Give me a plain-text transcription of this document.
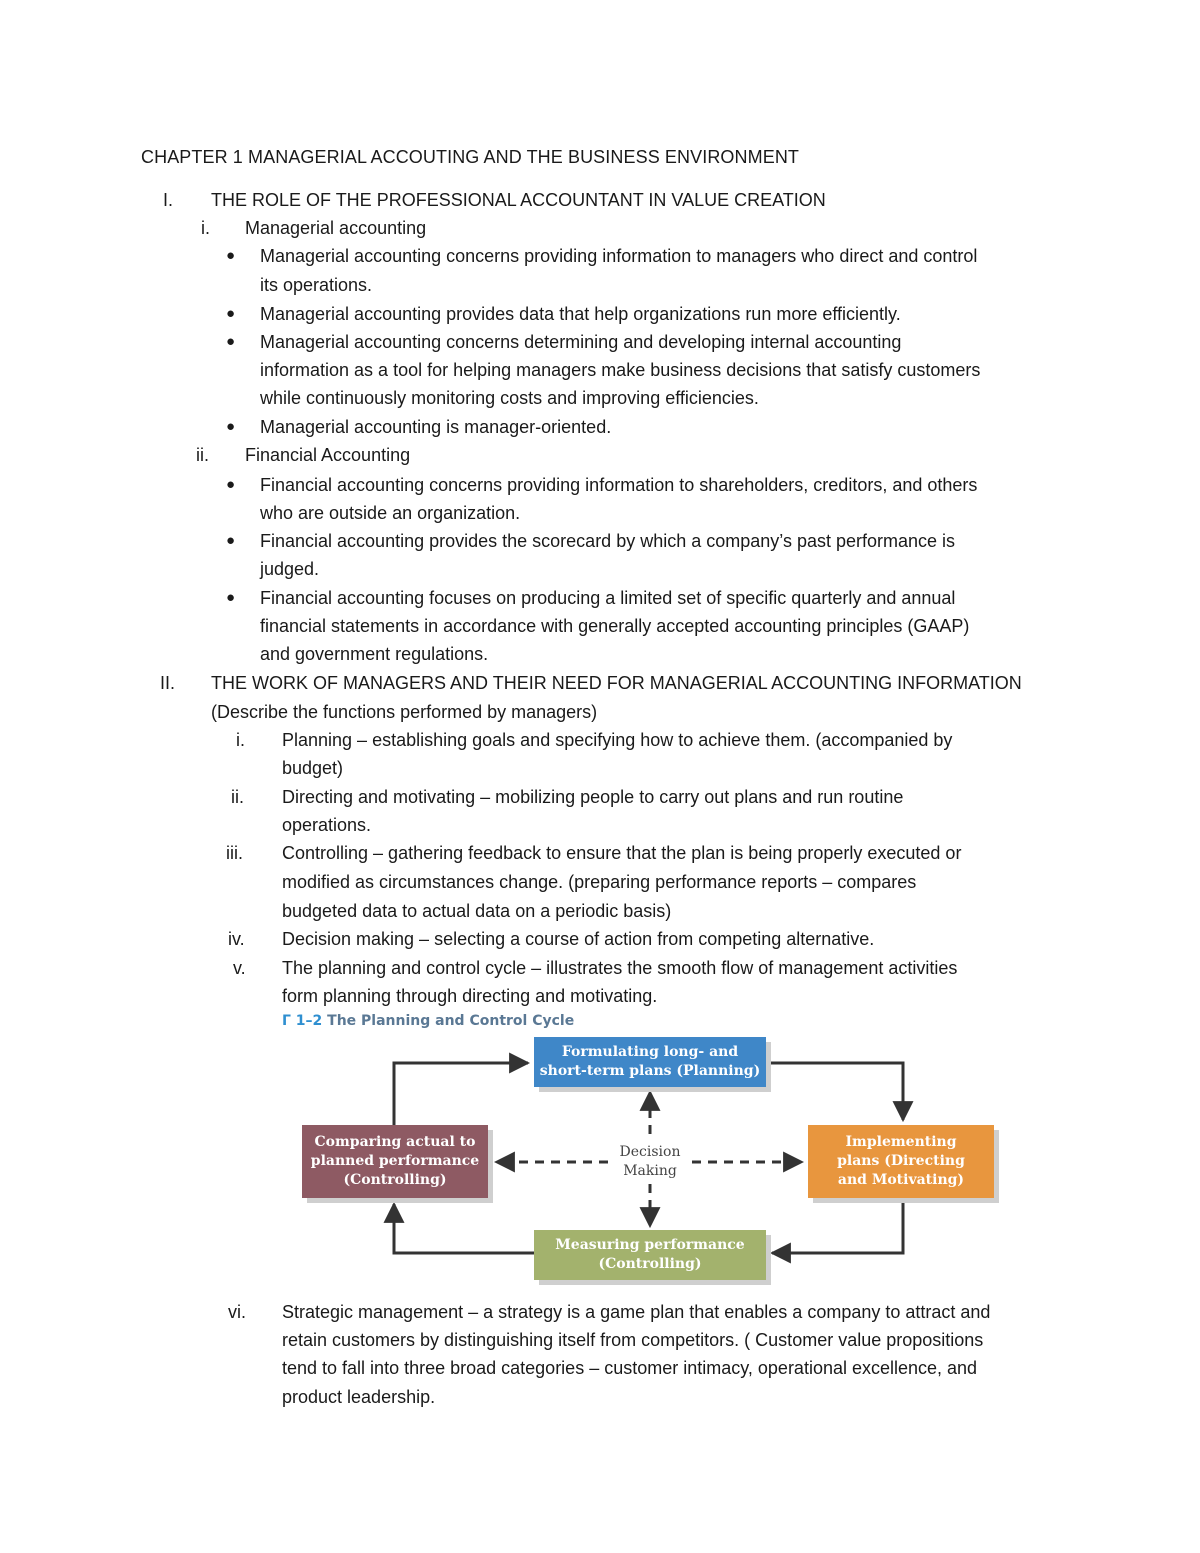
CHAPTER 1 MANAGERIAL ACCOUTING AND THE BUSINESS ENVIRONMENT
I. THE ROLE OF THE PROFESSIONAL ACCOUNTANT IN VALUE CREATION
i. Managerial accounting
● Managerial accounting concerns providing information to managers who direct and control
its operations.
● Managerial accounting provides data that help organizations run more efficiently.
● Managerial accounting concerns determining and developing internal accounting
information as a tool for helping managers make business decisions that satisfy customers
while continuously monitoring costs and improving efficiencies.
● Managerial accounting is manager-oriented.
ii. Financial Accounting
● Financial accounting concerns providing information to shareholders, creditors, and others
who are outside an organization.
● Financial accounting provides the scorecard by which a company’s past performance is
judged.
● Financial accounting focuses on producing a limited set of specific quarterly and annual
financial statements in accordance with generally accepted accounting principles (GAAP)
and government regulations.
II. THE WORK OF MANAGERS AND THEIR NEED FOR MANAGERIAL ACCOUNTING INFORMATION
(Describe the functions performed by managers)
i. Planning – establishing goals and specifying how to achieve them. (accompanied by
budget)
ii. Directing and motivating – mobilizing people to carry out plans and run routine
operations.
iii. Controlling – gathering feedback to ensure that the plan is being properly executed or
modified as circumstances change. (preparing performance reports – compares
budgeted data to actual data on a periodic basis)
iv. Decision making – selecting a course of action from competing alternative.
v. The planning and control cycle – illustrates the smooth flow of management activities
form planning through directing and motivating.
Γ 1–2 The Planning and Control Cycle
Formulating long- and
short-term plans (Planning)
Implementing
plans (Directing
and Motivating)
Measuring performance
(Controlling)
Comparing actual to
planned performance
(Controlling)
Decision
Making
vi. Strategic management – a strategy is a game plan that enables a company to attract and
retain customers by distinguishing itself from competitors. ( Customer value propositions
tend to fall into three broad categories – customer intimacy, operational excellence, and
product leadership.
